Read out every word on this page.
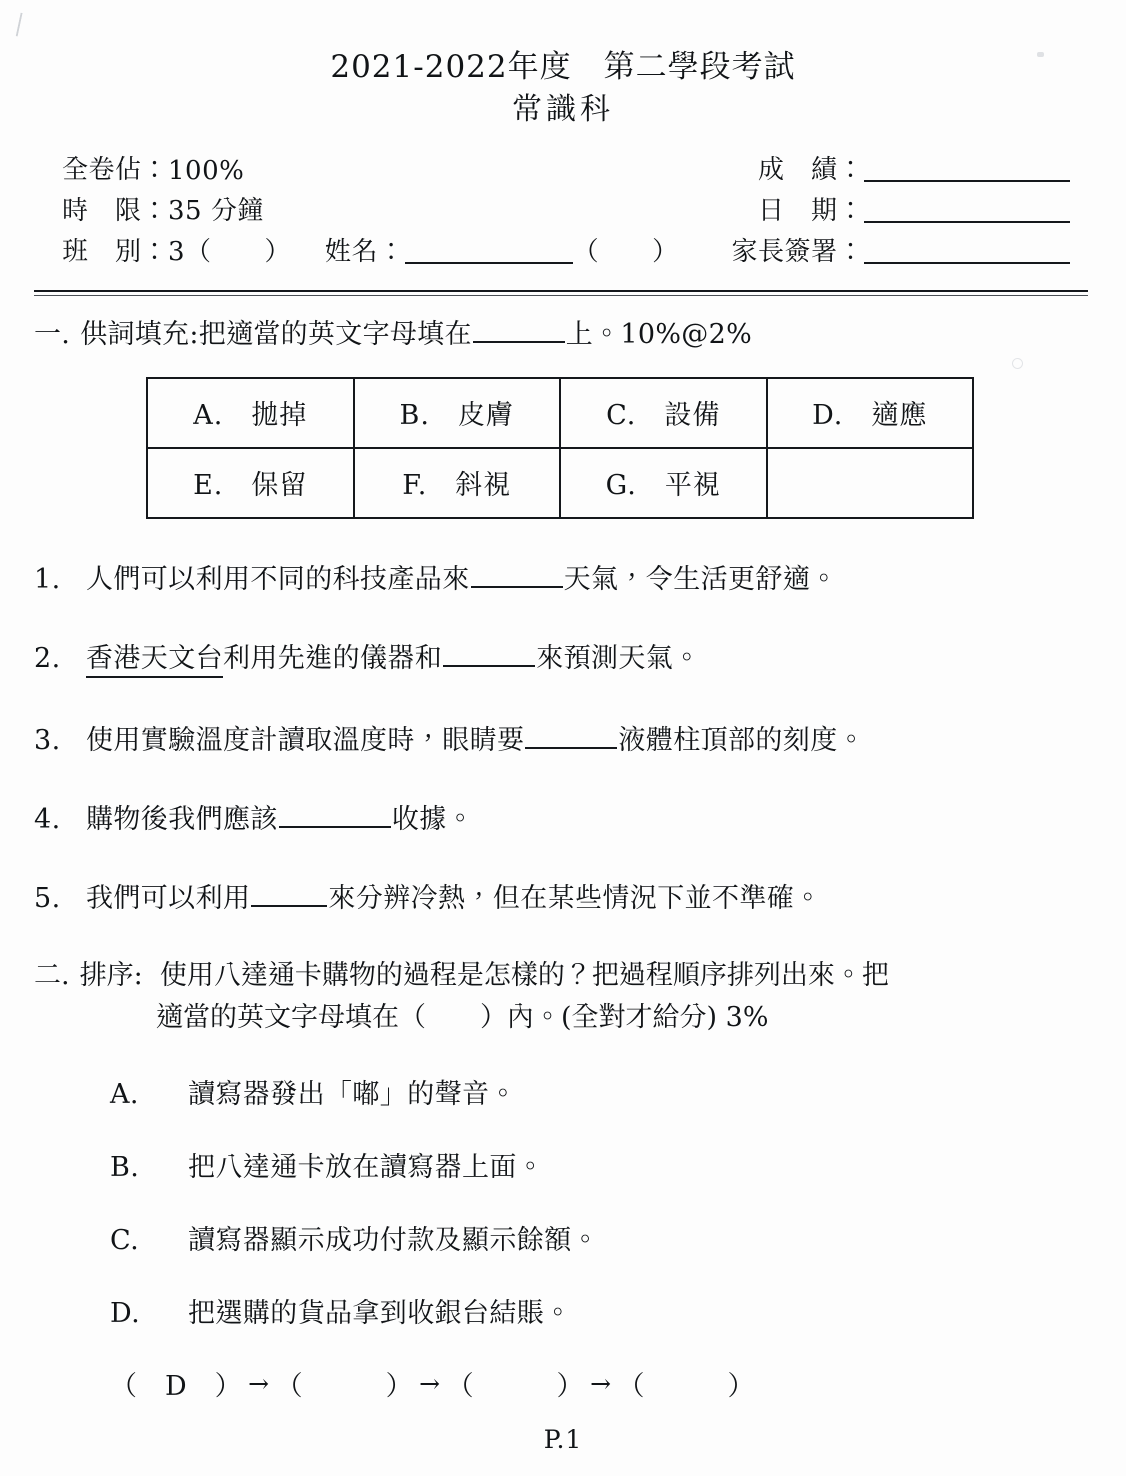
2021-2022年度　第二學段考試
常識科
全卷佔： 100%
時　限： 35 分鐘
班　別： 3（　　）	姓名：	（　　）
成　績：
日　期：
家長簽署：
一. 供詞填充:把適當的英文字母填在	上。10%@2%
A.　拋掉	B.　皮膚	C.　設備	D.　適應
E.　保留	F.　斜視	G.　平視	
1. 人們可以利用不同的科技產品來	天氣，令生活更舒適。
2. 香港天文台 利用先進的儀器和	來預測天氣。
3. 使用實驗溫度計讀取溫度時，眼睛要	液體柱頂部的刻度。
4. 購物後我們應該	收據。
5. 我們可以利用	來分辨冷熱，但在某些情況下並不準確。
二. 排序:  使用八達通卡購物的過程是怎樣的？把過程順序排列出來。把
適當的英文字母填在（　　）內。(全對才給分) 3%
A.	讀寫器發出「嘟」的聲音。
B.	把八達通卡放在讀寫器上面。
C.	讀寫器顯示成功付款及顯示餘額。
D.	把選購的貨品拿到收銀台結賬。
（　D　） → （　　　） → （　　　） → （　　　）
P.1
